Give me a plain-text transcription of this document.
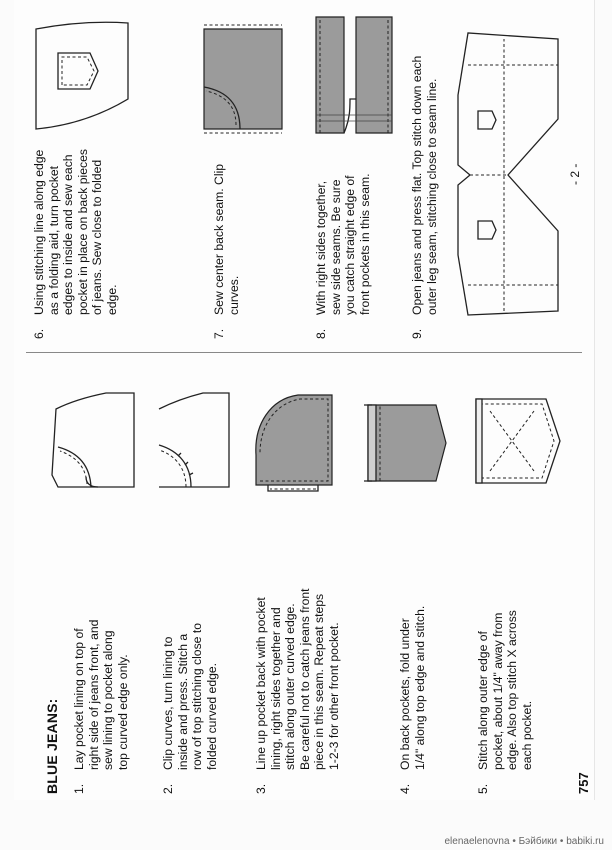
BLUE JEANS: 1.
Lay pocket lining on top of right side of jeans front, and sew lining to pocket along top curved edge only.
2.
Clip curves, turn lining to inside and press. Stitch a row of top stitching close to folded curved edge.
3.
Line up pocket back with pocket lining, right sides together and stitch along outer curved edge. Be careful not to catch jeans front piece in this seam. Repeat steps 1-2-3 for other front pocket.
4.
On back pockets, fold under 1/4" along top edge and stitch.
5.
Stitch along outer edge of pocket, about 1/4" away from edge. Also top stitch X across each pocket.
757
6.
Using stitching line along edge as a folding aid, turn pocket edges to inside and sew each pocket in place on back pieces of jeans. Sew close to folded edge.
7.
Sew center back seam. Clip curves.
8.
With right sides together, sew side seams. Be sure you catch straight edge of front pockets in this seam.
9.
Open jeans and press flat. Top stitch down each outer leg seam, stitching close to seam line.	- 2 -
elenaelenovna • Бэйбики • babiki.ru
